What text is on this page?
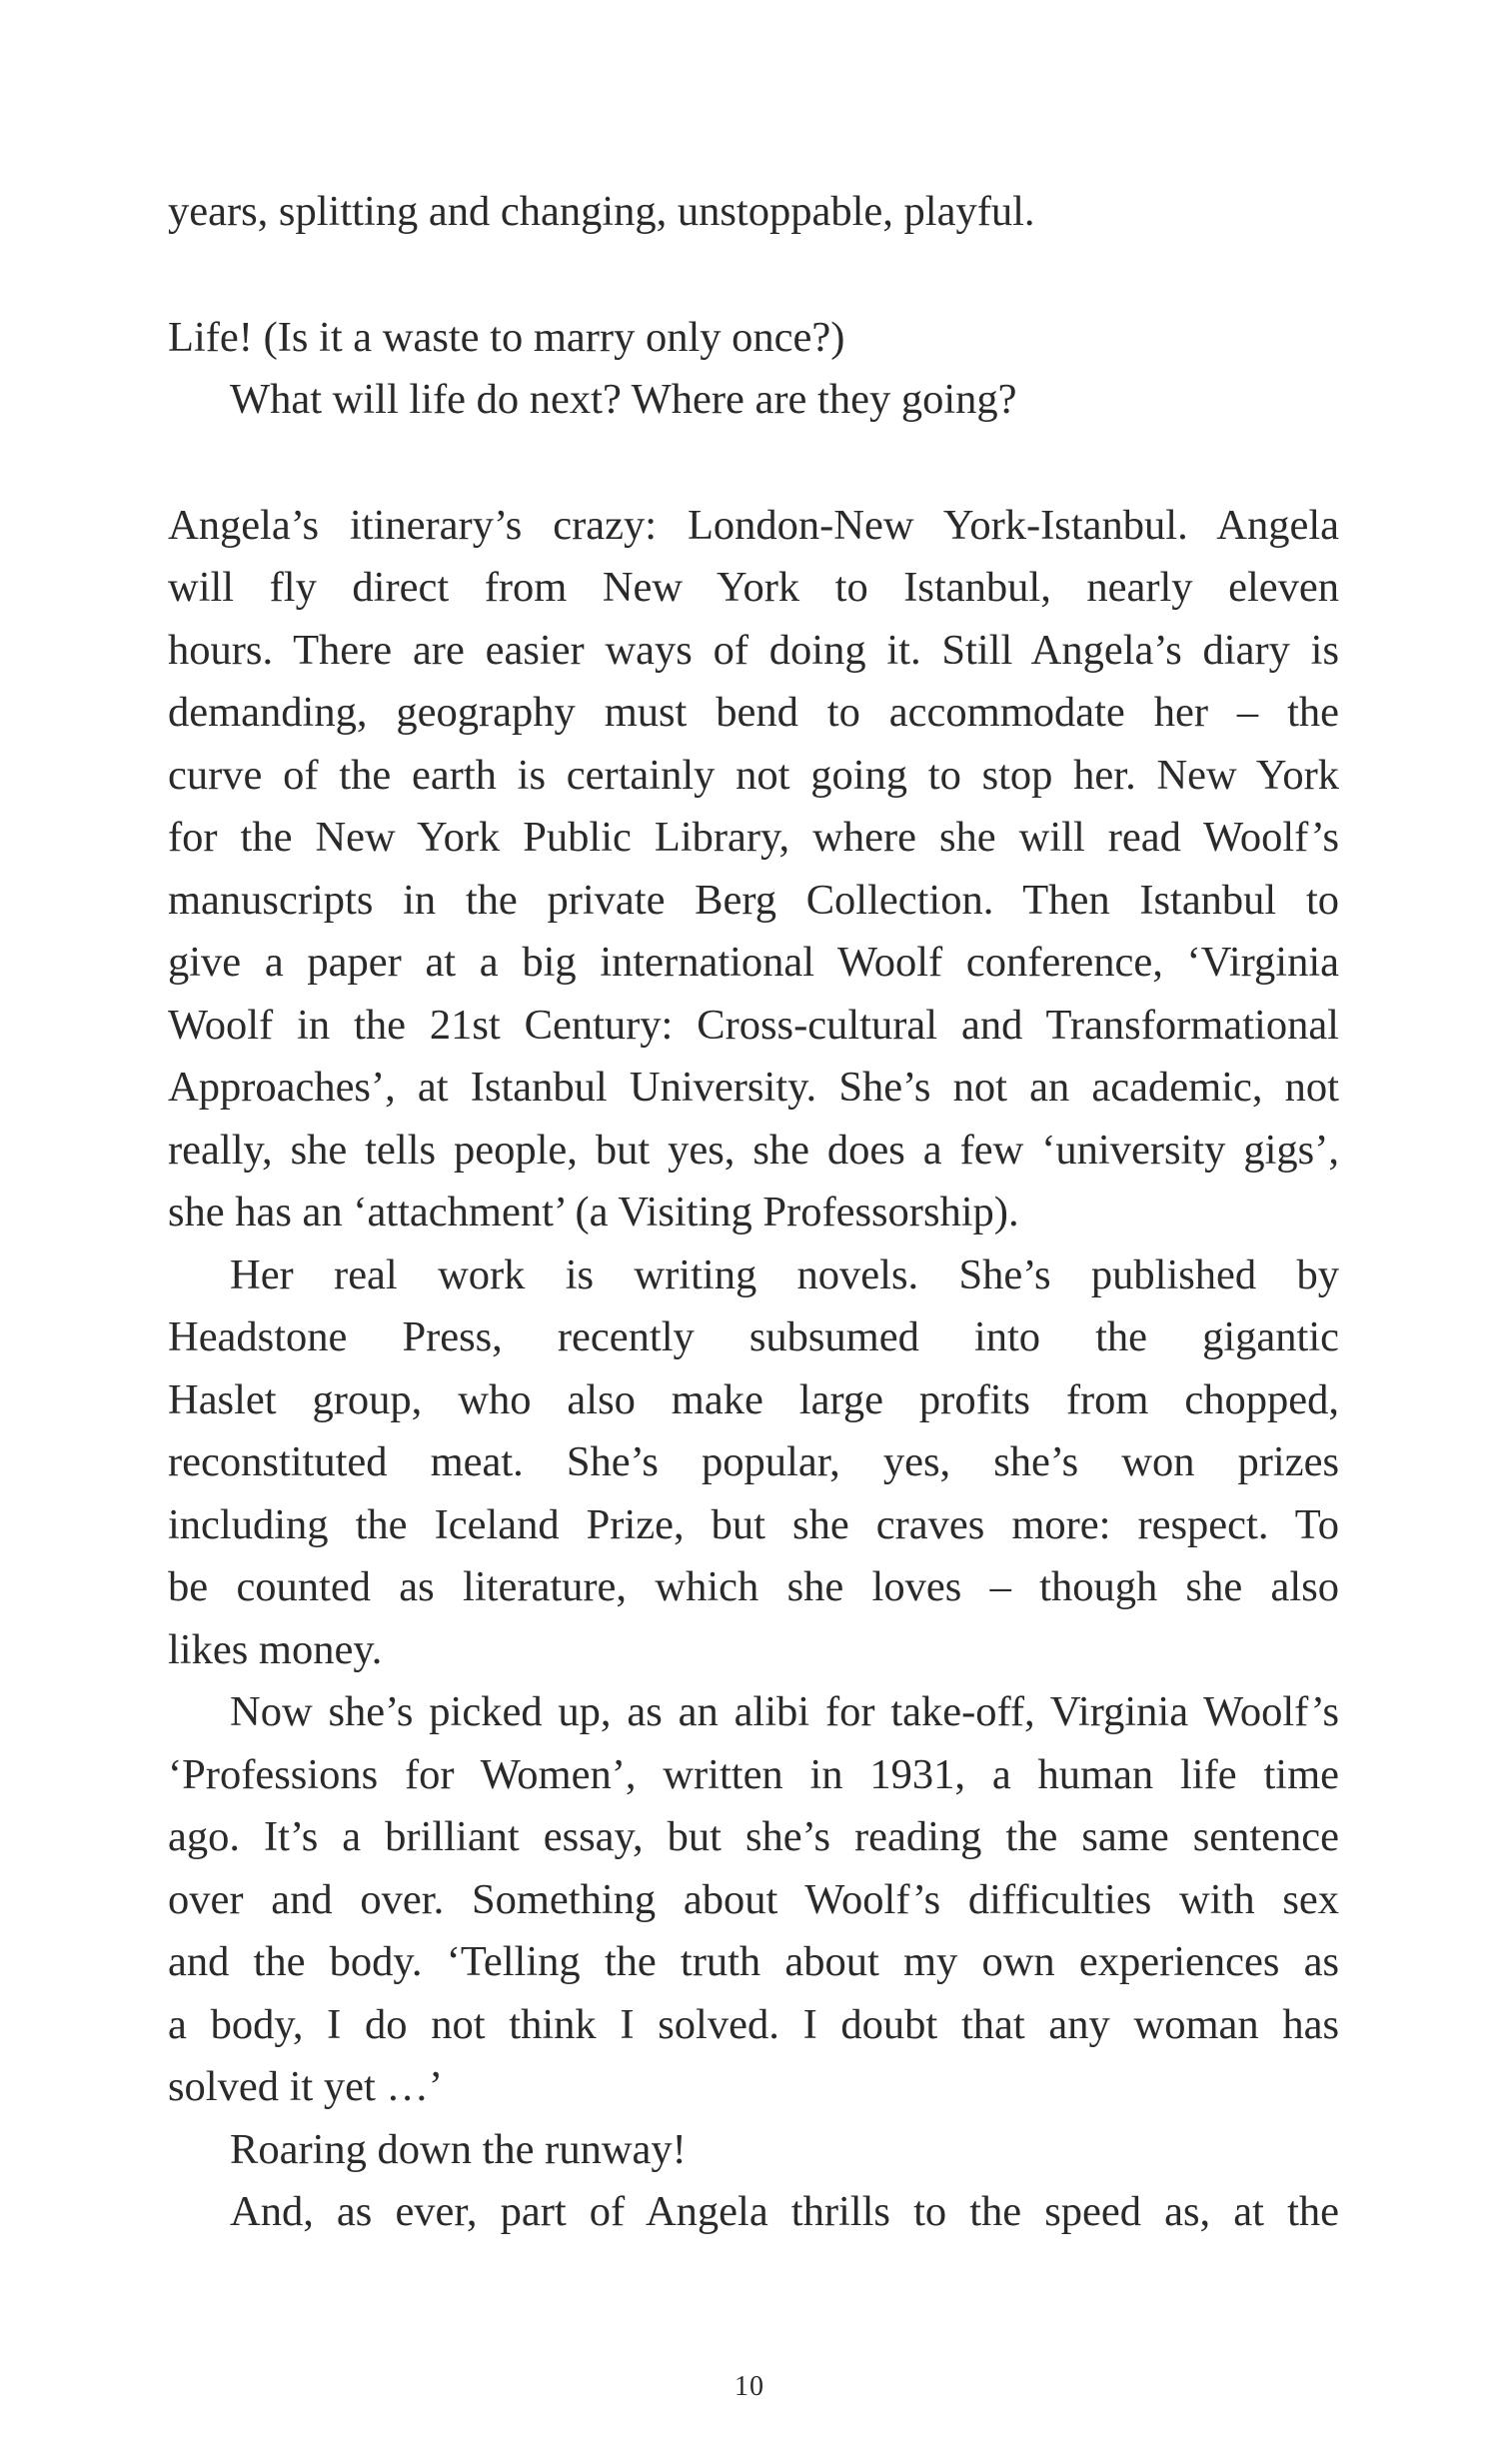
years, splitting and changing, unstoppable, playful.
Life! (Is it a waste to marry only once?)
What will life do next? Where are they going?
Angela’s itinerary’s crazy: London-New York-Istanbul. Angela
will fly direct from New York to Istanbul, nearly eleven
hours. There are easier ways of doing it. Still Angela’s diary is
demanding, geography must bend to accommodate her – the
curve of the earth is certainly not going to stop her. New York
for the New York Public Library, where she will read Woolf’s
manuscripts in the private Berg Collection. Then Istanbul to
give a paper at a big international Woolf conference, ‘Virginia
Woolf in the 21st Century: Cross-cultural and Transformational
Approaches’, at Istanbul University. She’s not an academic, not
really, she tells people, but yes, she does a few ‘university gigs’,
she has an ‘attachment’ (a Visiting Professorship).
Her real work is writing novels. She’s published by
Headstone Press, recently subsumed into the gigantic
Haslet group, who also make large profits from chopped,
reconstituted meat. She’s popular, yes, she’s won prizes
including the Iceland Prize, but she craves more: respect. To
be counted as literature, which she loves – though she also
likes money.
Now she’s picked up, as an alibi for take-off, Virginia Woolf’s
‘Professions for Women’, written in 1931, a human life time
ago. It’s a brilliant essay, but she’s reading the same sentence
over and over. Something about Woolf’s difficulties with sex
and the body. ‘Telling the truth about my own experiences as
a body, I do not think I solved. I doubt that any woman has
solved it yet …’
Roaring down the runway!
And, as ever, part of Angela thrills to the speed as, at the
10
